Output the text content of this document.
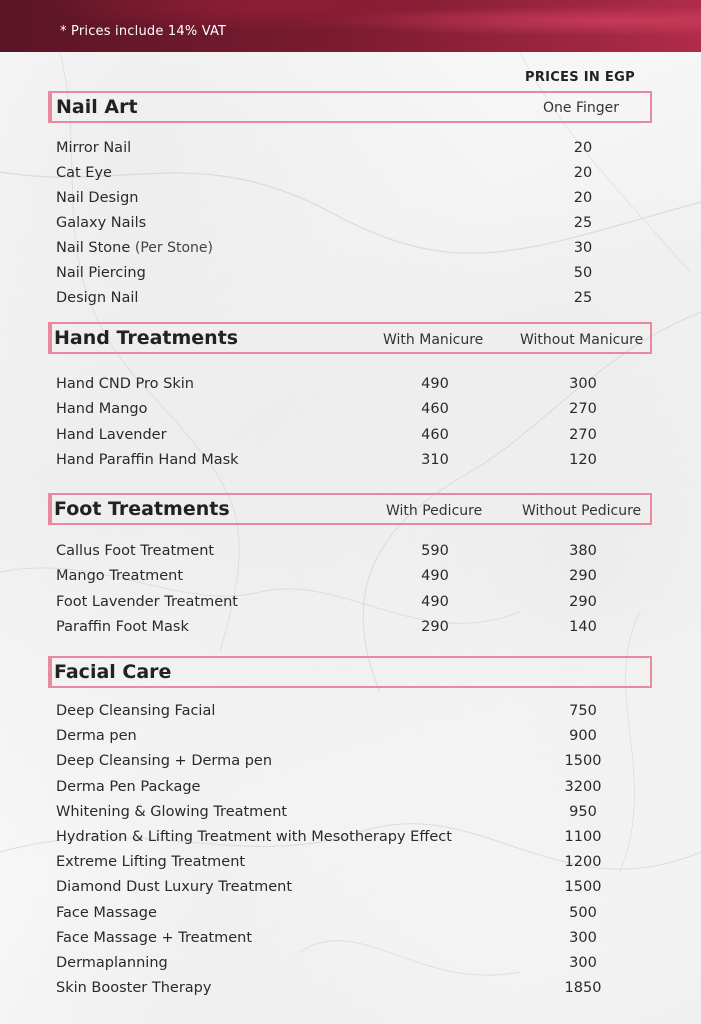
* Prices include 14% VAT
PRICES IN EGP
Nail Art	One Finger
Mirror Nail	20
Cat Eye	20
Nail Design	20
Galaxy Nails	25
Nail Stone (Per Stone)	30
Nail Piercing	50
Design Nail	25
Hand Treatments	With Manicure	Without Manicure
Hand CND Pro Skin	490	300
Hand Mango	460	270
Hand Lavender	460	270
Hand Paraffin Hand Mask	310	120
Foot Treatments	With Pedicure	Without Pedicure
Callus Foot Treatment	590	380
Mango Treatment	490	290
Foot Lavender Treatment	490	290
Paraffin Foot Mask	290	140
Facial Care
Deep Cleansing Facial	750
Derma pen	900
Deep Cleansing + Derma pen	1500
Derma Pen Package	3200
Whitening & Glowing Treatment	950
Hydration & Lifting Treatment with Mesotherapy Effect	1100
Extreme Lifting Treatment	1200
Diamond Dust Luxury Treatment	1500
Face Massage	500
Face Massage + Treatment	300
Dermaplanning	300
Skin Booster Therapy	1850
